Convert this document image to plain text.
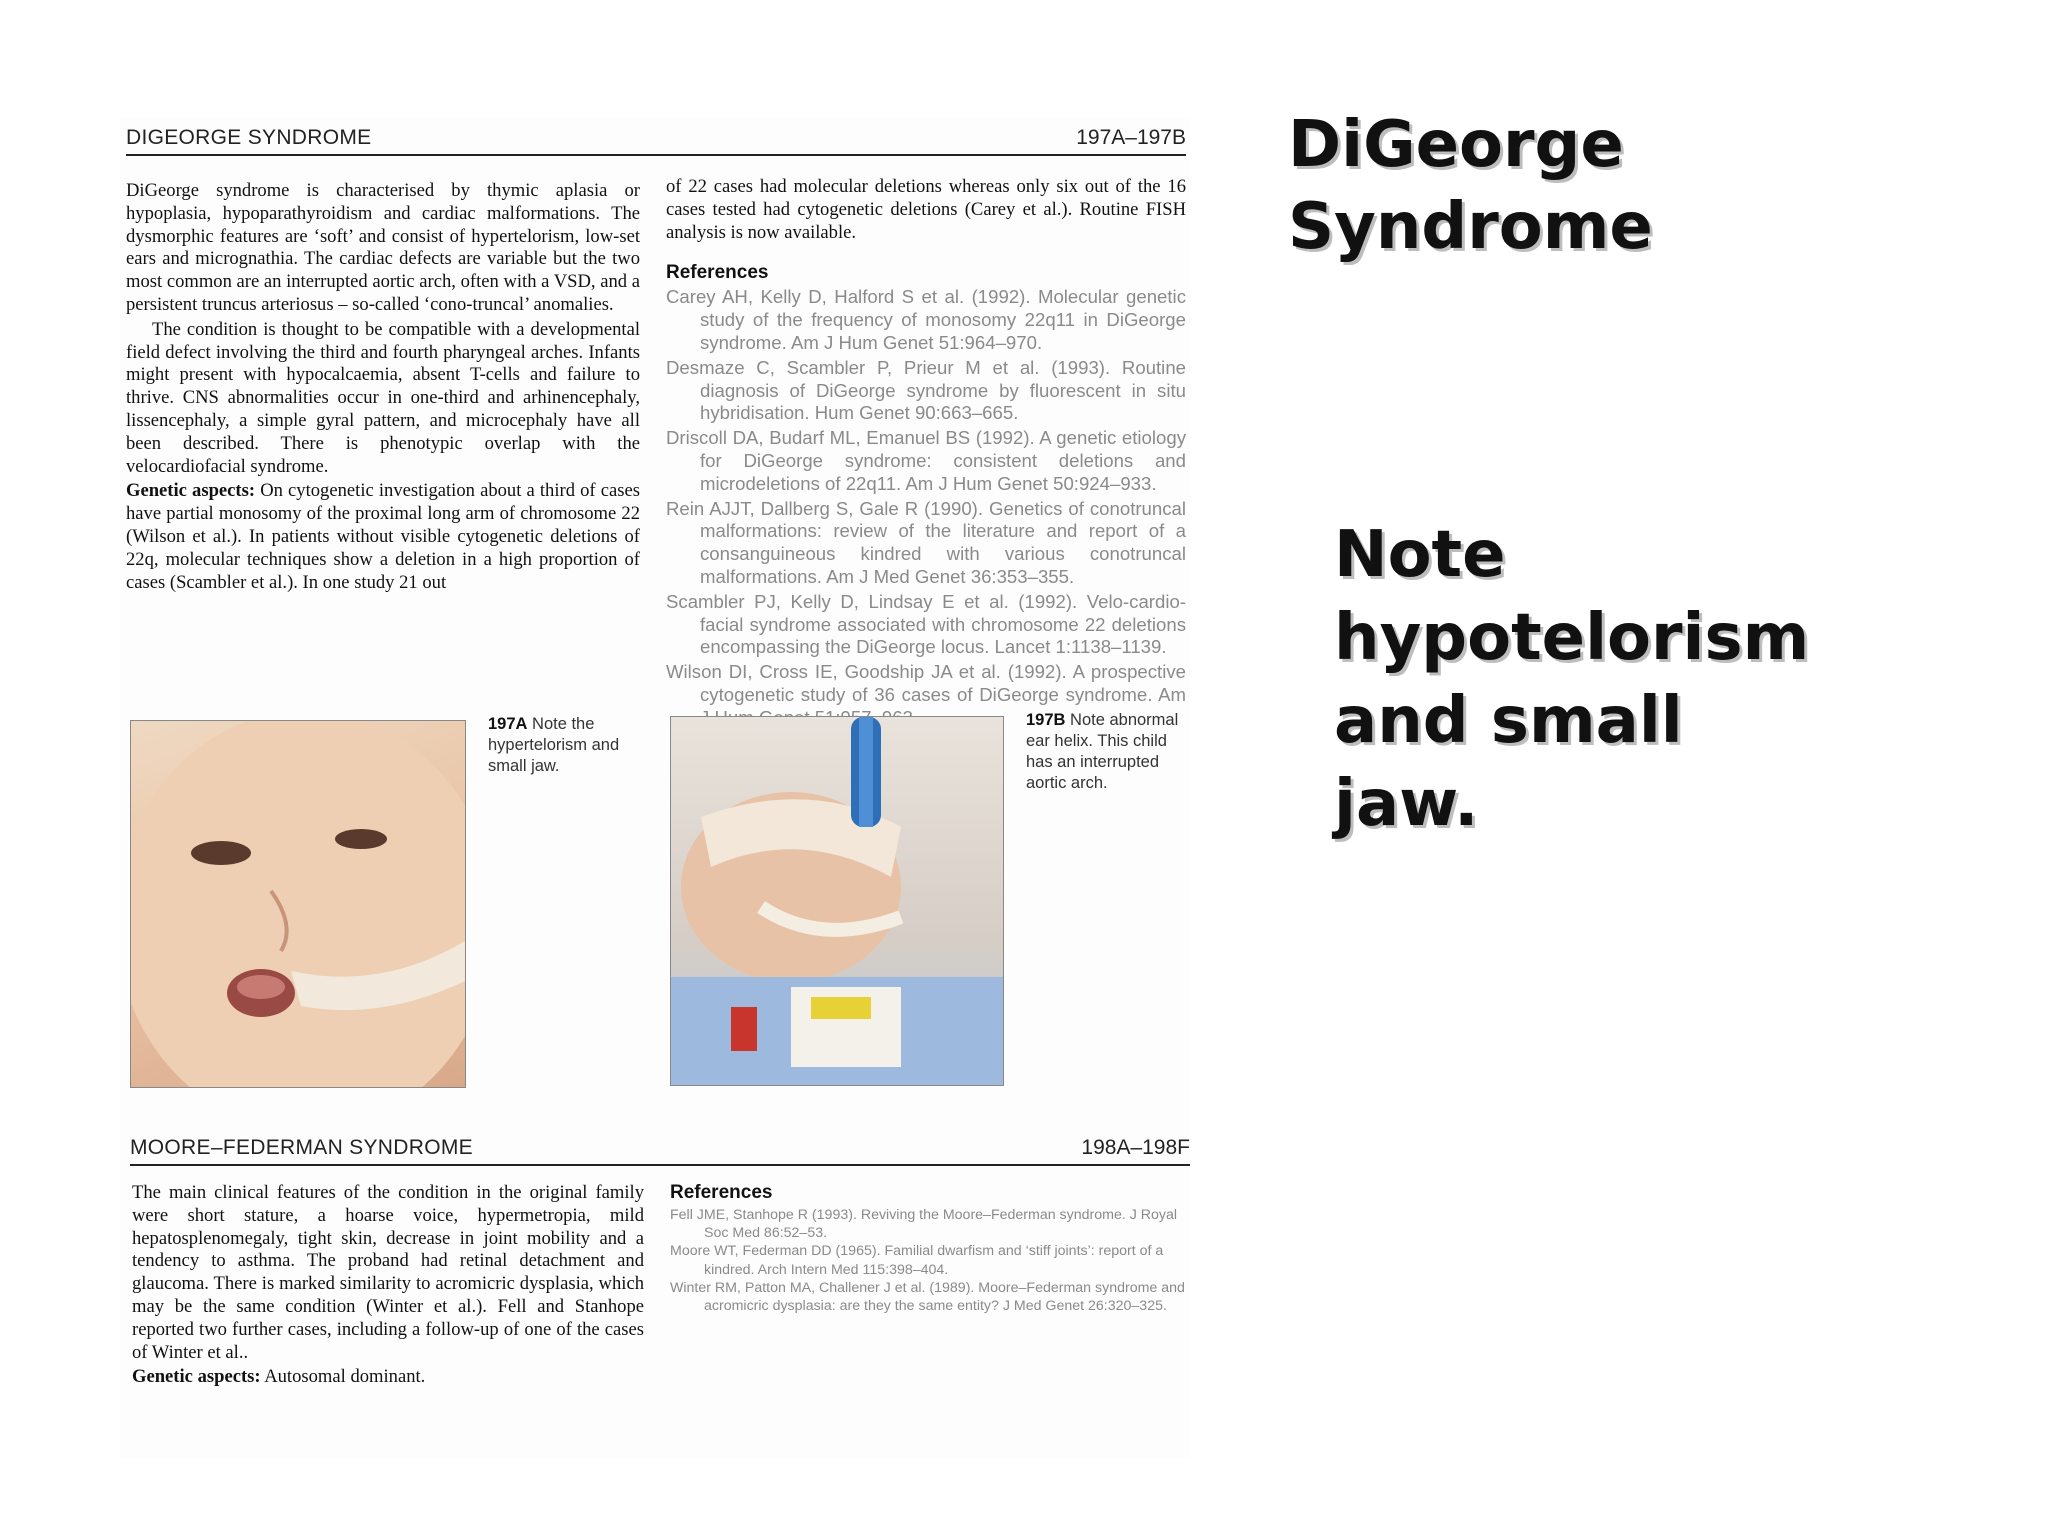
DIGEORGE SYNDROME	197A–197B

DiGeorge syndrome is characterised by thymic aplasia or hypoplasia, hypoparathyroidism and cardiac malformations. The dysmorphic features are ‘soft’ and consist of hypertelorism, low-set ears and micrognathia. The cardiac defects are variable but the two most common are an interrupted aortic arch, often with a VSD, and a persistent truncus arteriosus – so-called ‘cono-truncal’ anomalies.

The condition is thought to be compatible with a developmental field defect involving the third and fourth pharyngeal arches. Infants might present with hypocalcaemia, absent T-cells and failure to thrive. CNS abnormalities occur in one-third and arhinencephaly, lissencephaly, a simple gyral pattern, and microcephaly have all been described. There is phenotypic overlap with the velocardiofacial syndrome.

Genetic aspects: On cytogenetic investigation about a third of cases have partial monosomy of the proximal long arm of chromosome 22 (Wilson et al.). In patients without visible cytogenetic deletions of 22q, molecular techniques show a deletion in a high proportion of cases (Scambler et al.). In one study 21 out

of 22 cases had molecular deletions whereas only six out of the 16 cases tested had cytogenetic deletions (Carey et al.). Routine FISH analysis is now available.

References

Carey AH, Kelly D, Halford S et al. (1992). Molecular genetic study of the frequency of monosomy 22q11 in DiGeorge syndrome. Am J Hum Genet 51:964–970.

Desmaze C, Scambler P, Prieur M et al. (1993). Routine diagnosis of DiGeorge syndrome by fluorescent in situ hybridisation. Hum Genet 90:663–665.

Driscoll DA, Budarf ML, Emanuel BS (1992). A genetic etiology for DiGeorge syndrome: consistent deletions and microdeletions of 22q11. Am J Hum Genet 50:924–933.

Rein AJJT, Dallberg S, Gale R (1990). Genetics of conotruncal malformations: review of the literature and report of a consanguineous kindred with various conotruncal malformations. Am J Med Genet 36:353–355.

Scambler PJ, Kelly D, Lindsay E et al. (1992). Velo-cardio-facial syndrome associated with chromosome 22 deletions encompassing the DiGeorge locus. Lancet 1:1138–1139.

Wilson DI, Cross IE, Goodship JA et al. (1992). A prospective cytogenetic study of 36 cases of DiGeorge syndrome. Am

197A Note the hypertelorism and small jaw.
197B Note abnormal ear helix. This child has an interrupted aortic arch.
MOORE–FEDERMAN SYNDROME	198A–198F

The main clinical features of the condition in the original family were short stature, a hoarse voice, hypermetropia, mild hepatosplenomegaly, tight skin, decrease in joint mobility and a tendency to asthma. The proband had retinal detachment and glaucoma. There is marked similarity to acromicric dysplasia, which may be the same condition (Winter et al.). Fell and Stanhope reported two further cases, including a follow-up of one of the cases of Winter et al..

Genetic aspects: Autosomal dominant.

References

Fell JME, Stanhope R (1993). Reviving the Moore–Federman syndrome. J Royal Soc Med 86:52–53.

Moore WT, Federman DD (1965). Familial dwarfism and ‘stiff joints’: report of a kindred. Arch Intern Med 115:398–404.

Winter RM, Patton MA, Challener J et al. (1989). Moore–Federman syndrome and acromicric dysplasia: are they the same entity? J Med Genet 26:320–325.

DiGeorge
Syndrome
Note
hypotelorism
and small
jaw.
